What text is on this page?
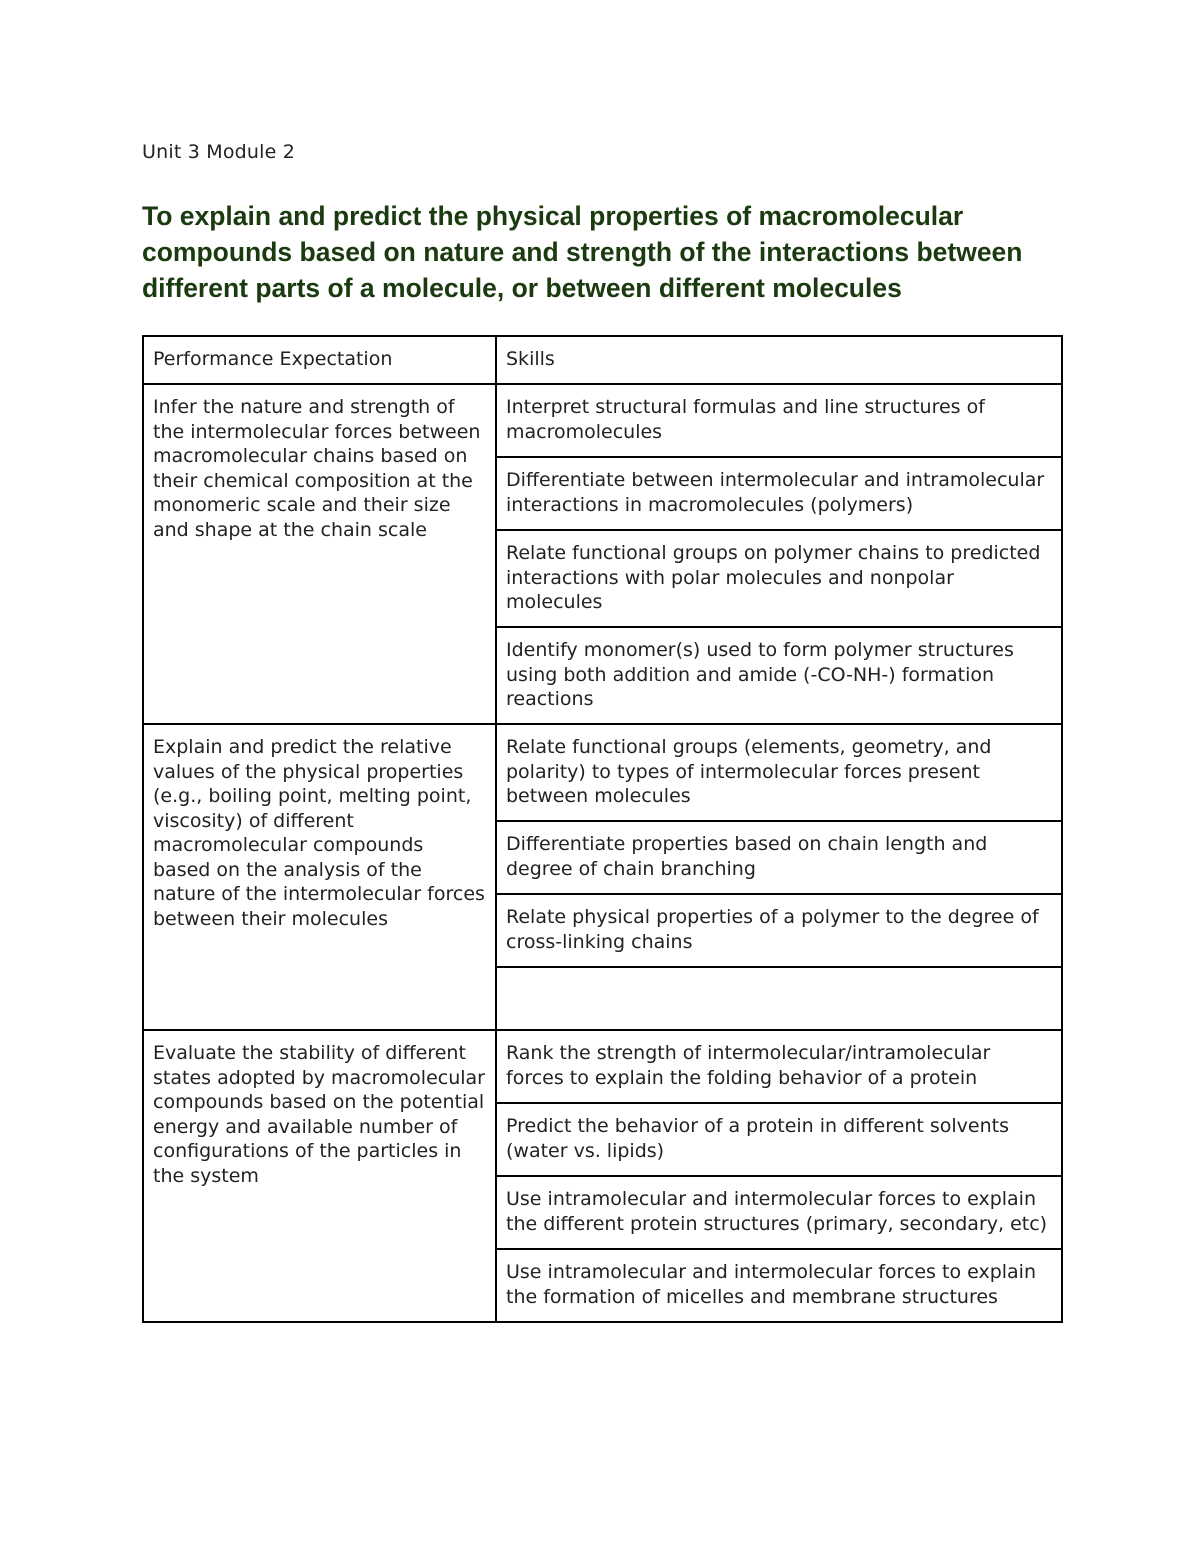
Unit 3 Module 2
To explain and predict the physical properties of macromolecular compounds based on nature and strength of the interactions between different parts of a molecule, or between different molecules
Performance Expectation	Skills
Infer the nature and strength of the intermolecular forces between macromolecular chains based on their chemical composition at the monomeric scale and their size and shape at the chain scale	Interpret structural formulas and line structures of macromolecules
	Differentiate between intermolecular and intramolecular interactions in macromolecules (polymers)
	Relate functional groups on polymer chains to predicted interactions with polar molecules and nonpolar molecules
	Identify monomer(s) used to form polymer structures using both addition and amide (-CO-NH-) formation reactions
Explain and predict the relative values of the physical properties (e.g., boiling point, melting point, viscosity) of different macromolecular compounds based on the analysis of the nature of the intermolecular forces between their molecules	Relate functional groups (elements, geometry, and polarity) to types of intermolecular forces present between molecules
	Differentiate properties based on chain length and degree of chain branching
	Relate physical properties of a polymer to the degree of cross-linking chains

Evaluate the stability of different states adopted by macromolecular compounds based on the potential energy and available number of configurations of the particles in the system	Rank the strength of intermolecular/intramolecular forces to explain the folding behavior of a protein
	Predict the behavior of a protein in different solvents (water vs. lipids)
	Use intramolecular and intermolecular forces to explain the different protein structures (primary, secondary, etc)
	Use intramolecular and intermolecular forces to explain the formation of micelles and membrane structures
